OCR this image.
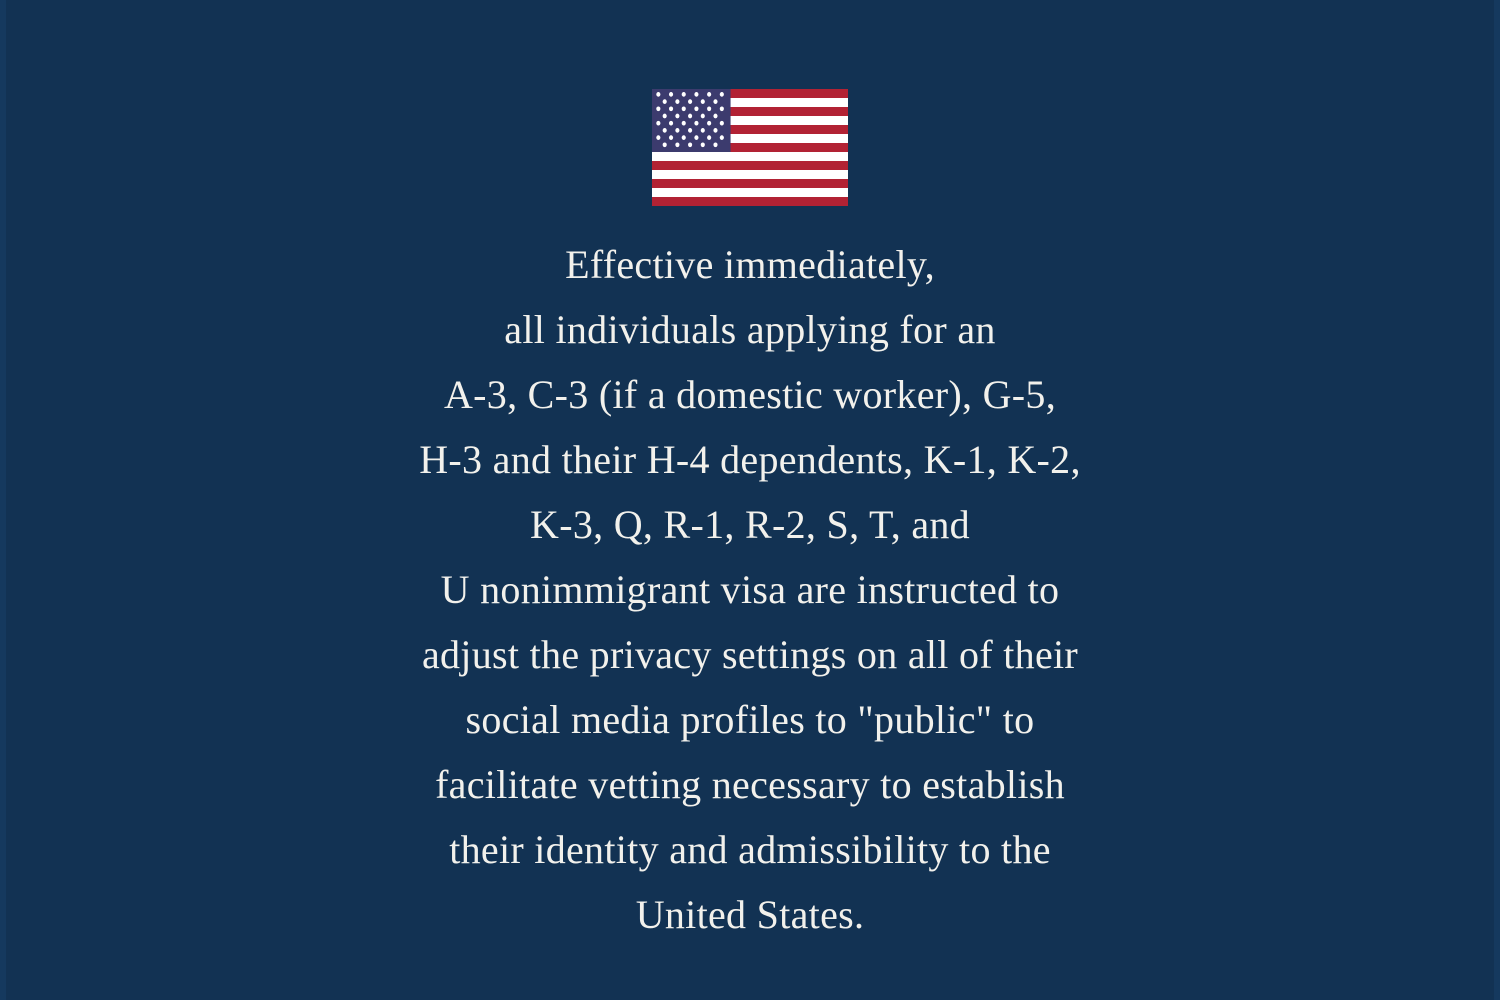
Effective immediately,
all individuals applying for an
A-3, C-3 (if a domestic worker), G-5,
H-3 and their H-4 dependents, K-1, K-2,
K-3, Q, R-1, R-2, S, T, and
U nonimmigrant visa are instructed to
adjust the privacy settings on all of their
social media profiles to "public" to
facilitate vetting necessary to establish
their identity and admissibility to the
United States.
